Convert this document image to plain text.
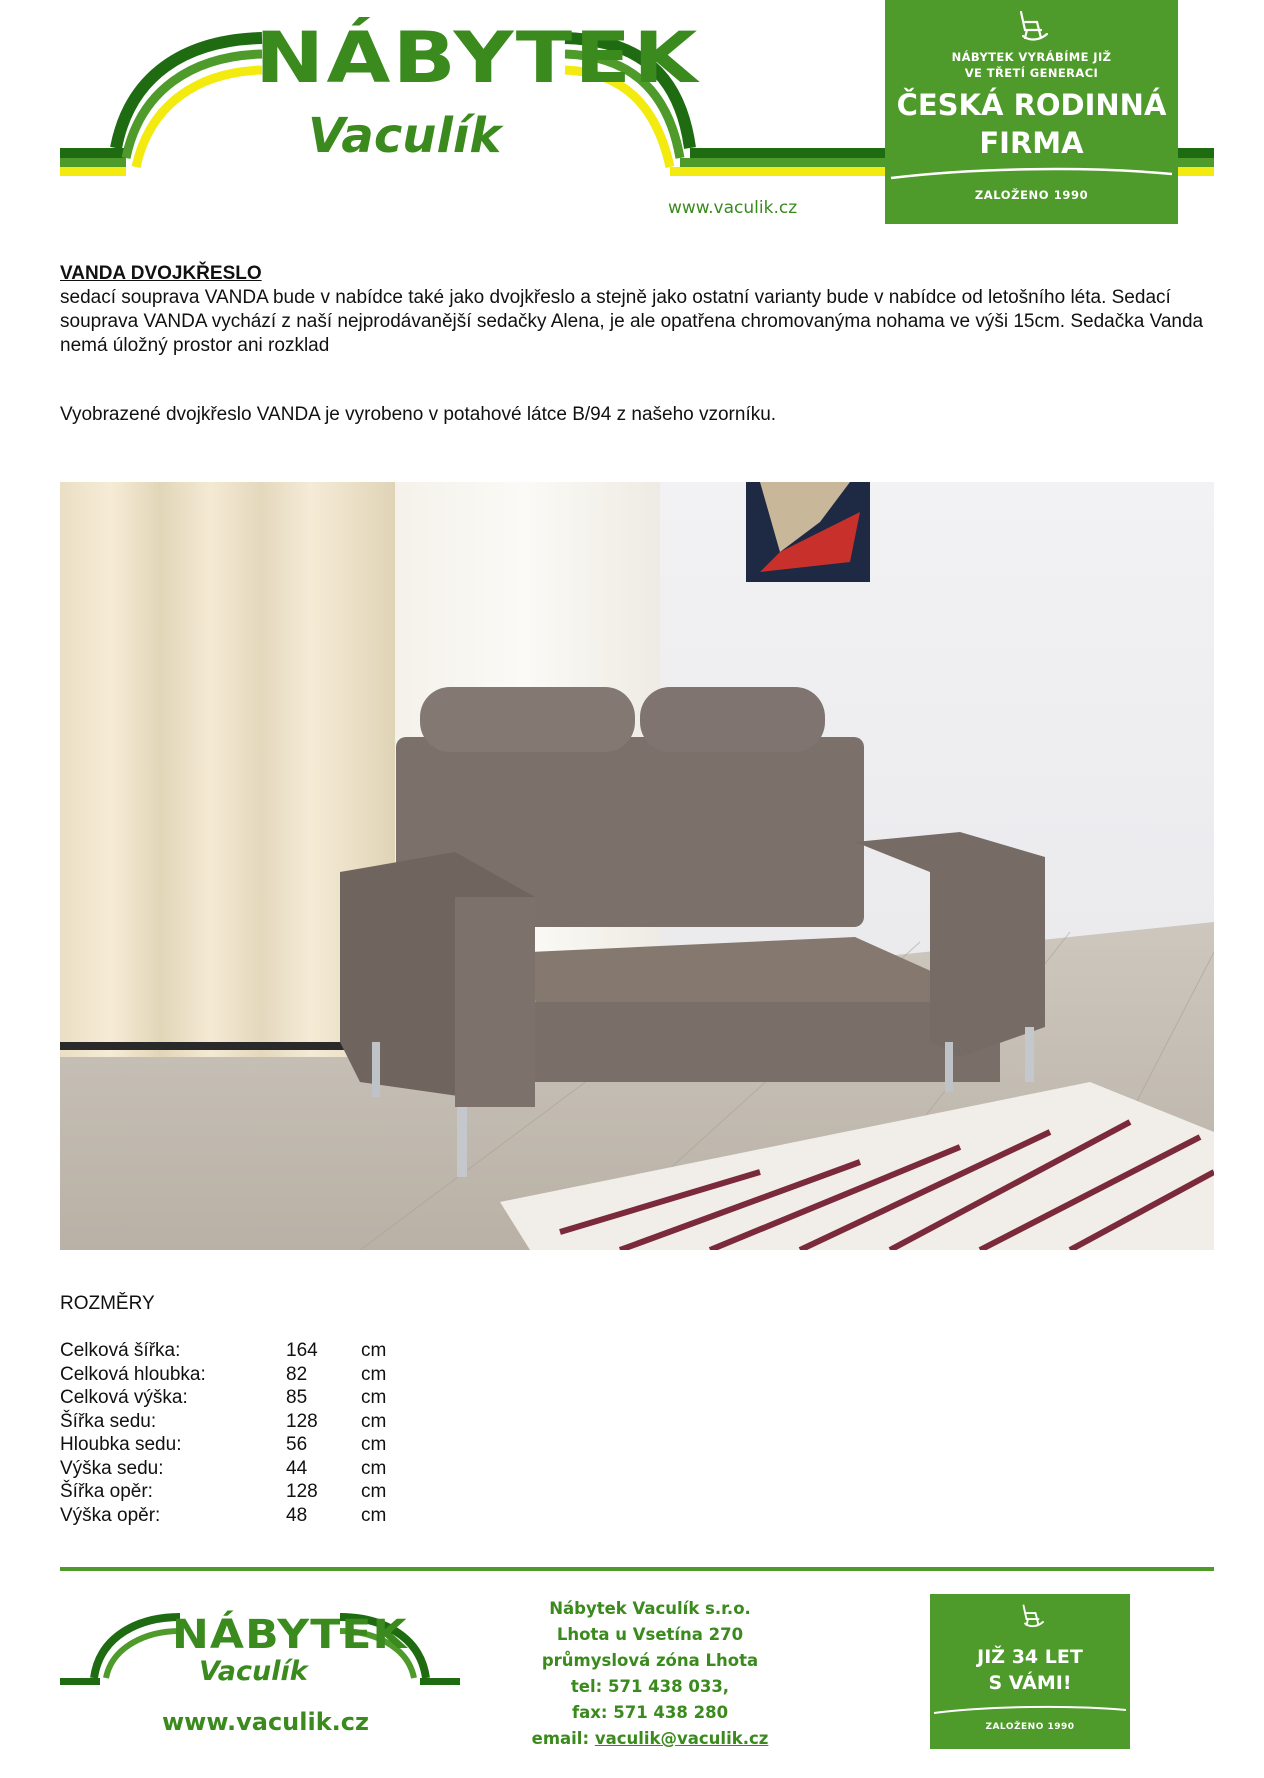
NÁBYTEK
Vaculík
www.vaculik.cz
NÁBYTEK VYRÁBÍME JIŽ
VE TŘETÍ GENERACI
ČESKÁ RODINNÁ
FIRMA
ZALOŽENO 1990
VANDA DVOJKŘESLO

sedací souprava VANDA bude v nabídce také jako dvojkřeslo a stejně jako ostatní varianty bude v nabídce od letošního léta. Sedací souprava VANDA vychází z naší nejprodávanější sedačky Alena, je ale opatřena chromovanýma nohama ve výši 15cm. Sedačka Vanda nemá úložný prostor ani rozklad

Vyobrazené dvojkřeslo VANDA je vyrobeno v potahové látce B/94 z našeho vzorníku.
ROZMĚRY
Celková šířka:	164	cm
Celková hloubka:	82	cm
Celková výška:	85	cm
Šířka sedu:	128	cm
Hloubka sedu:	56	cm
Výška sedu:	44	cm
Šířka opěr:	128	cm
Výška opěr:	48	cm
NÁBYTEK
Vaculík
www.vaculik.cz
Nábytek Vaculík s.r.o.
Lhota u Vsetína 270
průmyslová zóna Lhota
tel: 571 438 033,
fax: 571 438 280
email: vaculik@vaculik.cz
JIŽ 34 LET
S VÁMI!
ZALOŽENO 1990
